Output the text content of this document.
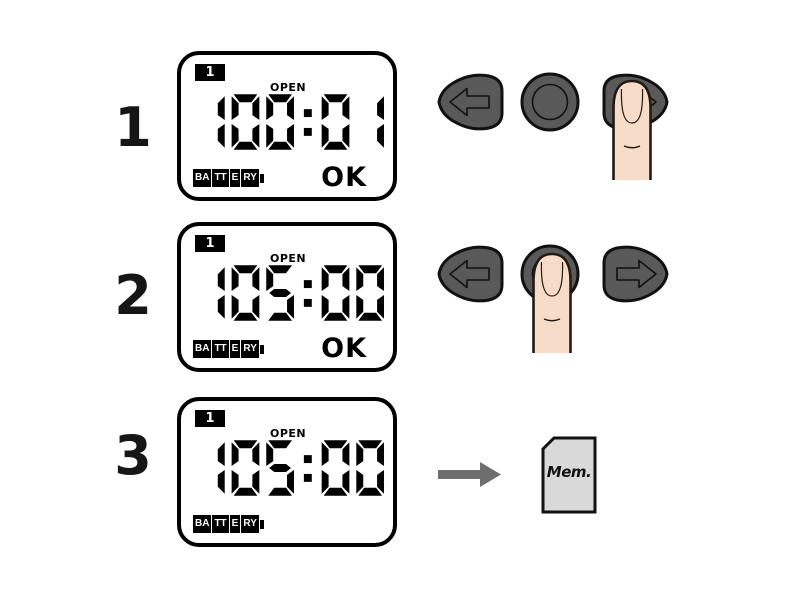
1
1
OPEN
BA TT E RY OK
2
1
OPEN
BA TT E RY OK
3
1
OPEN
BA TT E RY
Mem.
